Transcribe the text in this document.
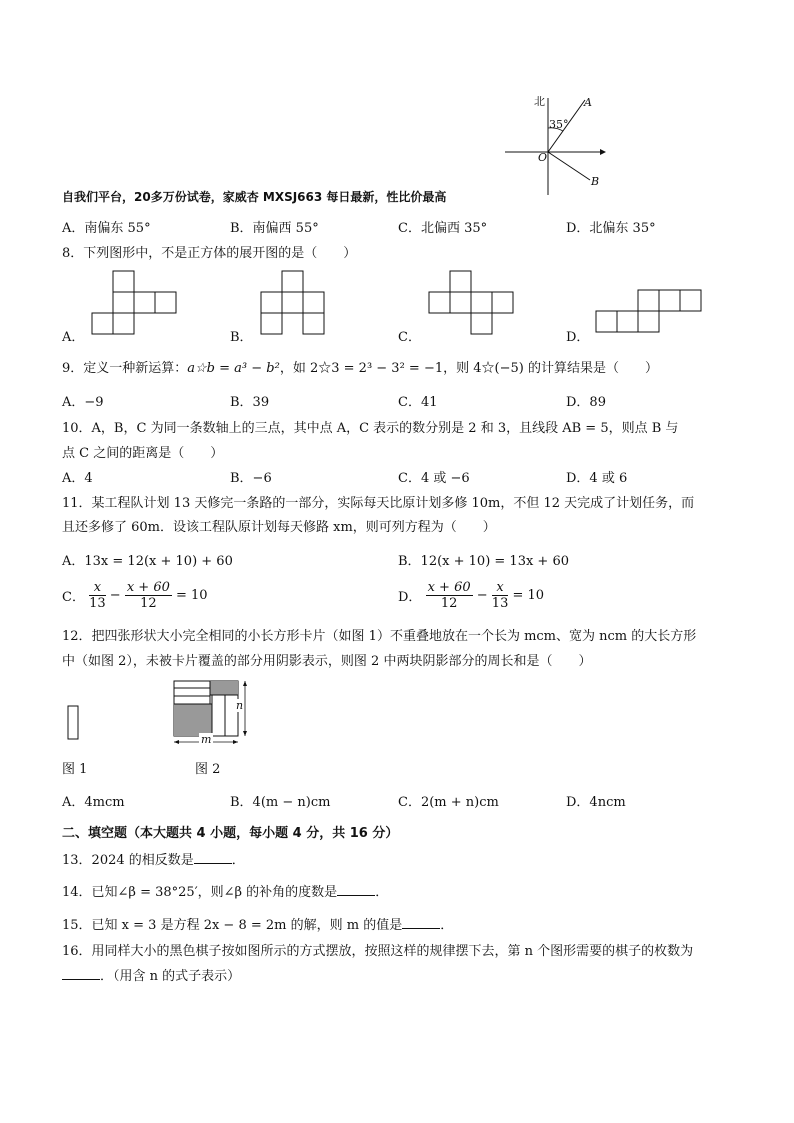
北	A
35°
O
B
自我们平台，20多万份试卷，家威杏 MXSJ663 每日最新，性比价最高
A．南偏东 55°	B．南偏西 55°	C．北偏西 35°	D．北偏东 35°
8．下列图形中，不是正方体的展开图的是（　　）
A．	B．	C．	D．
9．定义一种新运算：a☆b = a³ − b²，如 2☆3 = 2³ − 3² = −1，则 4☆(−5) 的计算结果是（　　）
A．−9	B．39	C．41	D．89
10．A，B，C 为同一条数轴上的三点，其中点 A，C 表示的数分别是 2 和 3，且线段 AB = 5，则点 B 与
点 C 之间的距离是（　　）
A．4	B．−6	C．4 或 −6	D．4 或 6
11．某工程队计划 13 天修完一条路的一部分，实际每天比原计划多修 10m，不但 12 天完成了计划任务，而
且还多修了 60m．设该工程队原计划每天修路 xm，则可列方程为（　　）
A．13x = 12(x + 10) + 60	B．12(x + 10) = 13x + 60
C． $\frac{x}{13} - \frac{x + 60}{12} = 10$	D． $\frac{x + 60}{12} - \frac{x}{13} = 10$
12．把四张形状大小完全相同的小长方形卡片（如图 1）不重叠地放在一个长为 mcm、宽为 ncm 的大长方形
中（如图 2），未被卡片覆盖的部分用阴影表示，则图 2 中两块阴影部分的周长和是（　　）
n
m
图 1	图 2
A．4mcm	B．4(m − n)cm	C．2(m + n)cm	D．4ncm
二、填空题（本大题共 4 小题，每小题 4 分，共 16 分）
13．2024 的相反数是	．
14．已知∠β = 38°25′，则∠β 的补角的度数是	．
15．已知 x = 3 是方程 2x − 8 = 2m 的解，则 m 的值是	．
16．用同样大小的黑色棋子按如图所示的方式摆放，按照这样的规律摆下去，第 n 个图形需要的棋子的枚数为
．（用含 n 的式子表示）
